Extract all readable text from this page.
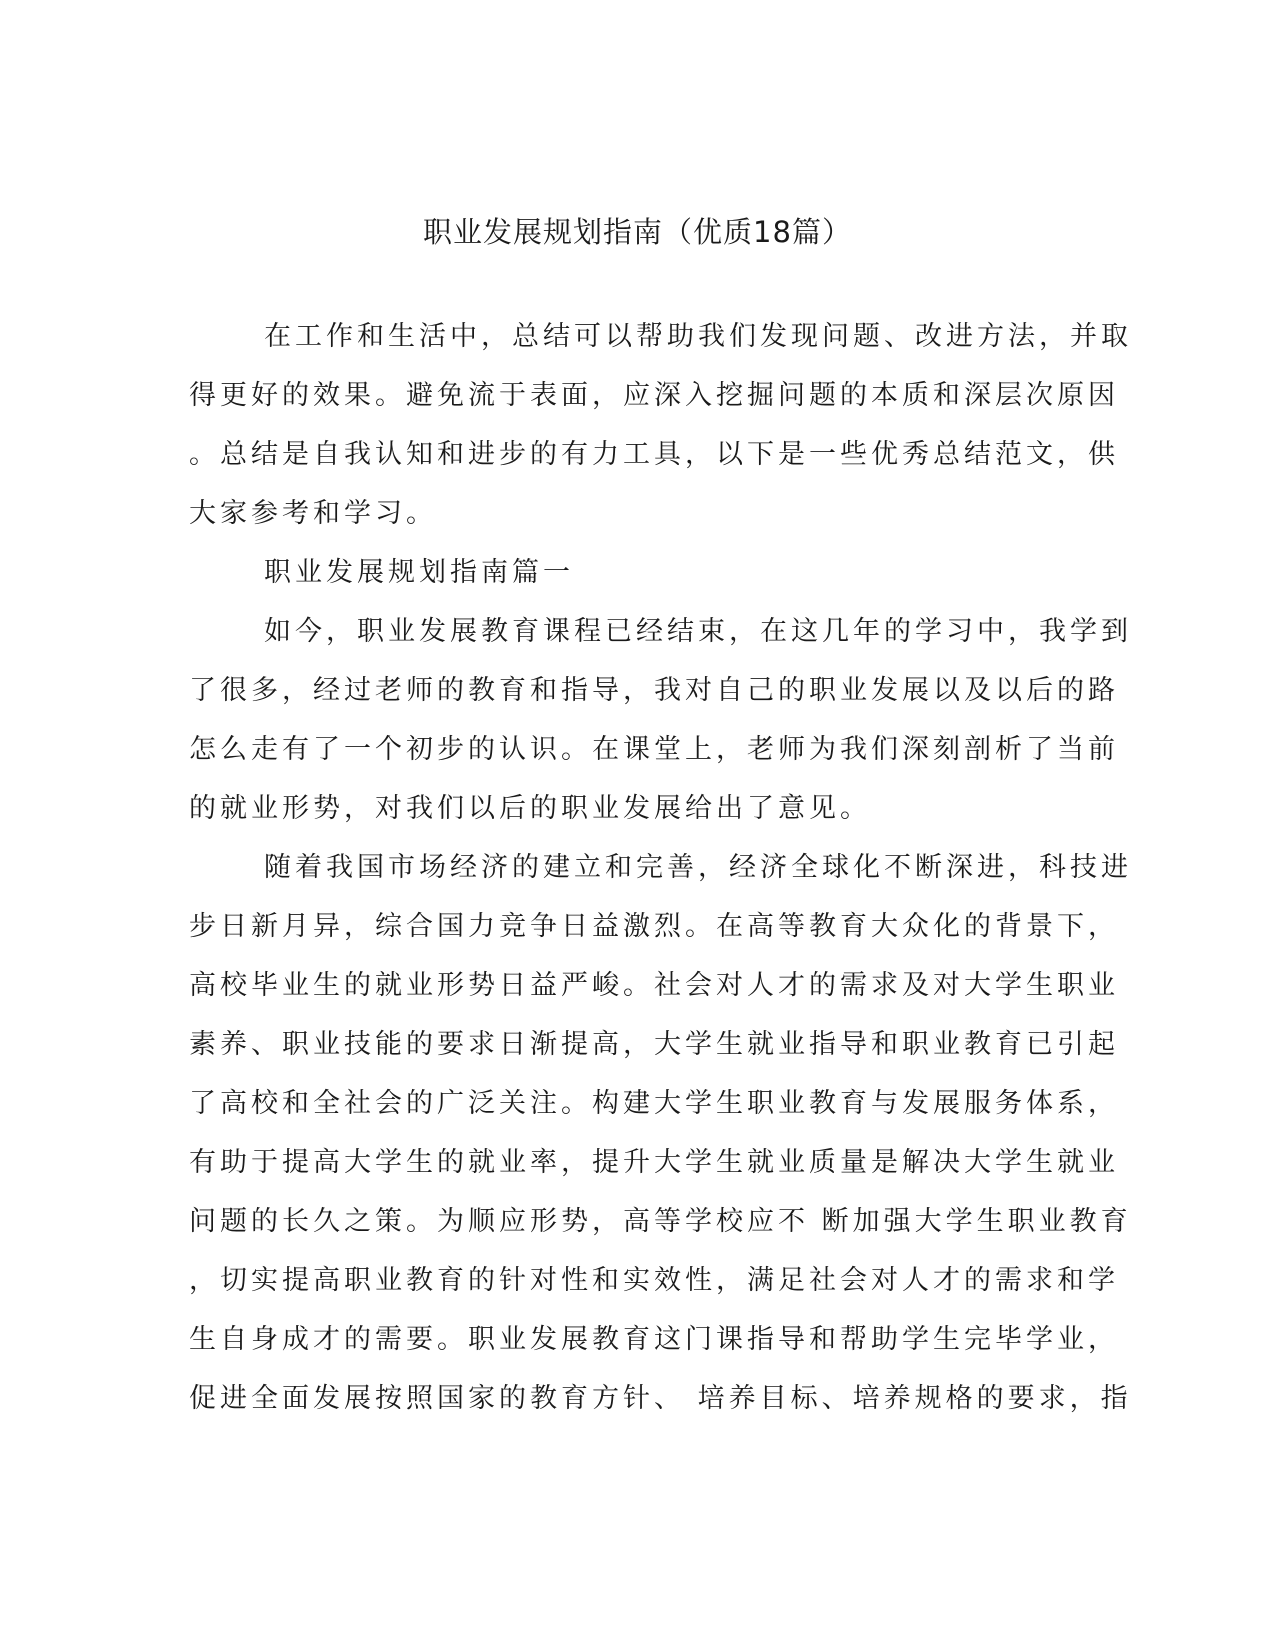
职业发展规划指南（优质18篇）

在工作和生活中，总结可以帮助我们发现问题、改进方法，并取

得更好的效果。避免流于表面，应深入挖掘问题的本质和深层次原因

。总结是自我认知和进步的有力工具，以下是一些优秀总结范文，供

大家参考和学习。

职业发展规划指南篇一

如今，职业发展教育课程已经结束，在这几年的学习中，我学到

了很多，经过老师的教育和指导，我对自己的职业发展以及以后的路

怎么走有了一个初步的认识。在课堂上，老师为我们深刻剖析了当前

的就业形势，对我们以后的职业发展给出了意见。

随着我国市场经济的建立和完善，经济全球化不断深进，科技进

步日新月异，综合国力竞争日益激烈。在高等教育大众化的背景下，

高校毕业生的就业形势日益严峻。社会对人才的需求及对大学生职业

素养、职业技能的要求日渐提高，大学生就业指导和职业教育已引起

了高校和全社会的广泛关注。构建大学生职业教育与发展服务体系，

有助于提高大学生的就业率，提升大学生就业质量是解决大学生就业

问题的长久之策。为顺应形势，高等学校应不 断加强大学生职业教育

，切实提高职业教育的针对性和实效性，满足社会对人才的需求和学

生自身成才的需要。职业发展教育这门课指导和帮助学生完毕学业，

促进全面发展按照国家的教育方针、 培养目标、培养规格的要求，指
